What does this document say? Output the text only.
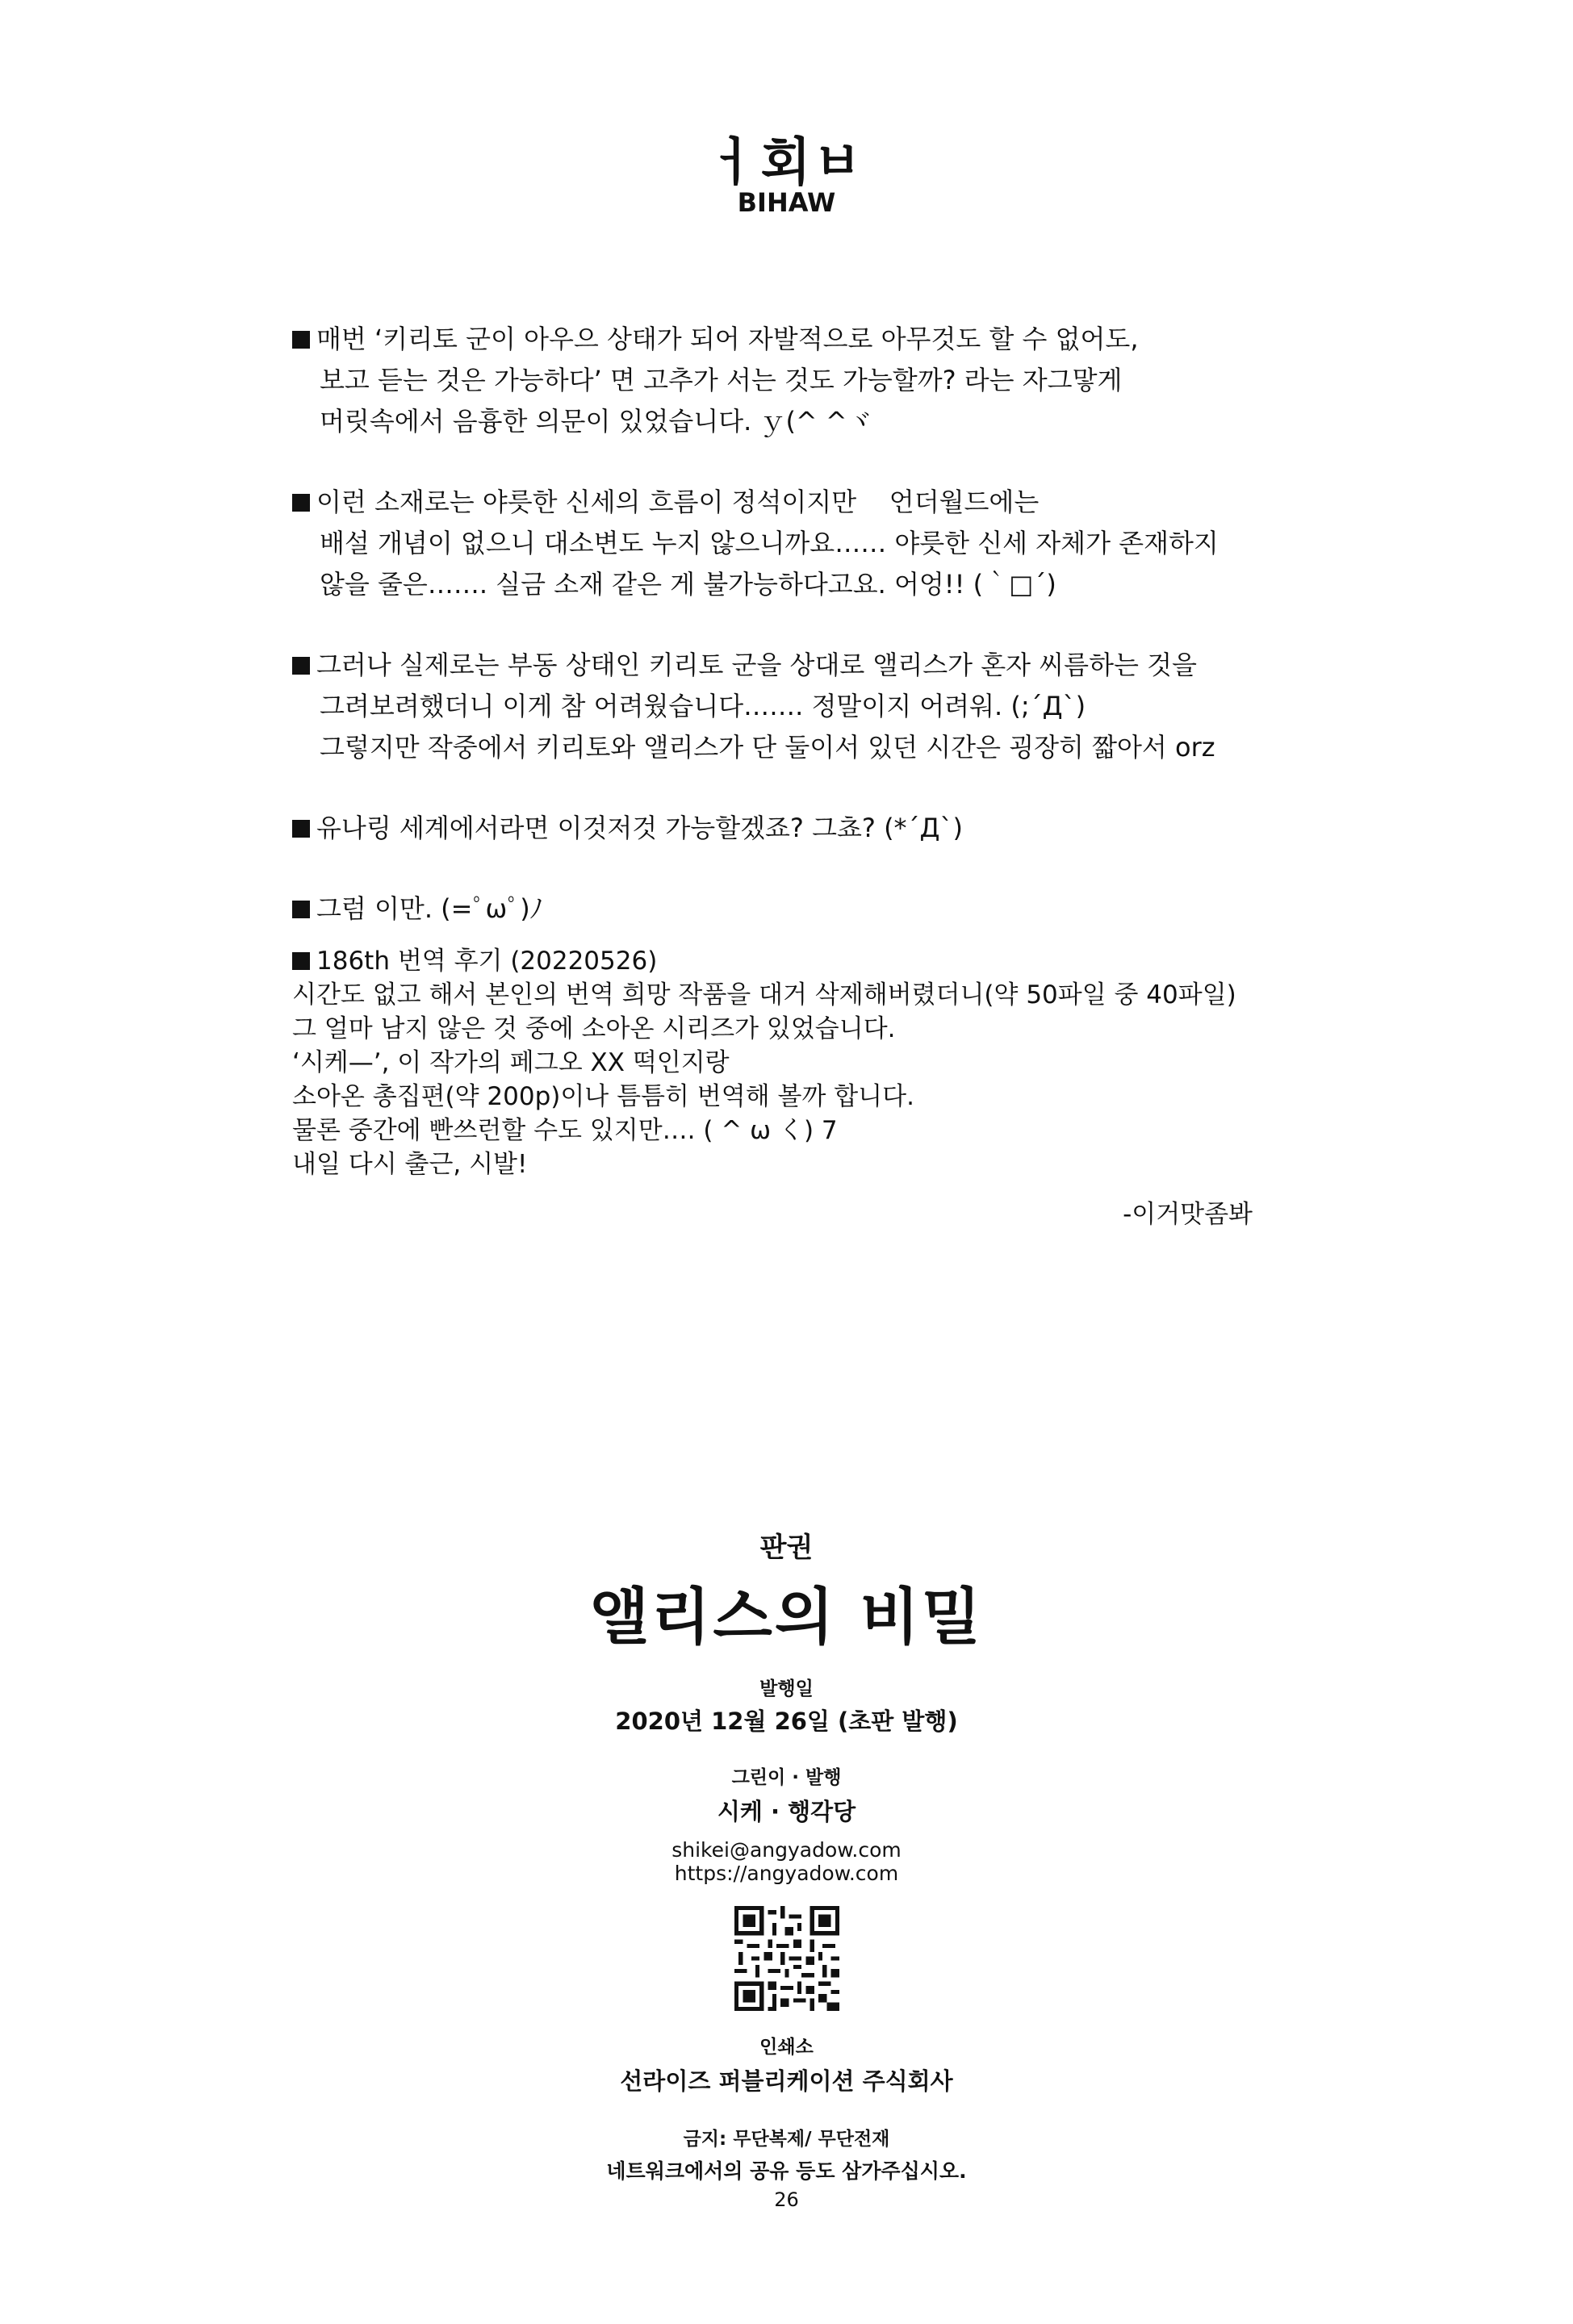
ㅓ회ㅂ
BIHAW

매번 ‘키리토 군이 아우으 상태가 되어 자발적으로 아무것도 할 수 없어도,

보고 듣는 것은 가능하다’ 면 고추가 서는 것도 가능할까? 라는 자그맣게

머릿속에서 음흉한 의문이 있었습니다. ｙ(^ ^ヾ

이런 소재로는 야릇한 신세의 흐름이 정석이지만    언더월드에는

배설 개념이 없으니 대소변도 누지 않으니까요…… 야릇한 신세 자체가 존재하지

않을 줄은……. 실금 소재 같은 게 불가능하다고요. 어엉!! (｀□´)

그러나 실제로는 부동 상태인 키리토 군을 상대로 앨리스가 혼자 씨름하는 것을

그려보려했더니 이게 참 어려웠습니다……. 정말이지 어려워. (;´Д`)

그렇지만 작중에서 키리토와 앨리스가 단 둘이서 있던 시간은 굉장히 짧아서 orz

유나링 세계에서라면 이것저것 가능할겠죠? 그쵸? (*´Д`)

그럼 이만. (=ﾟωﾟ)ﾉ

186th 번역 후기 (20220526)

시간도 없고 해서 본인의 번역 희망 작품을 대거 삭제해버렸더니(약 50파일 중 40파일)

그 얼마 남지 않은 것 중에 소아온 시리즈가 있었습니다.

‘시케—’, 이 작가의 페그오 XX 떡인지랑

소아온 총집편(약 200p)이나 틈틈히 번역해 볼까 합니다.

물론 중간에 빤쓰런할 수도 있지만…. ( ^ ω く) 7

내일 다시 출근, 시발!

-이거맛좀봐

판권
앨리스의 비밀
발행일
2020년 12월 26일 (초판 발행)
그린이 · 발행
시케 · 행각당
shikei@angyadow.com
https://angyadow.com
인쇄소
선라이즈 퍼블리케이션 주식회사
금지: 무단복제/ 무단전재
네트워크에서의 공유 등도 삼가주십시오.
26
